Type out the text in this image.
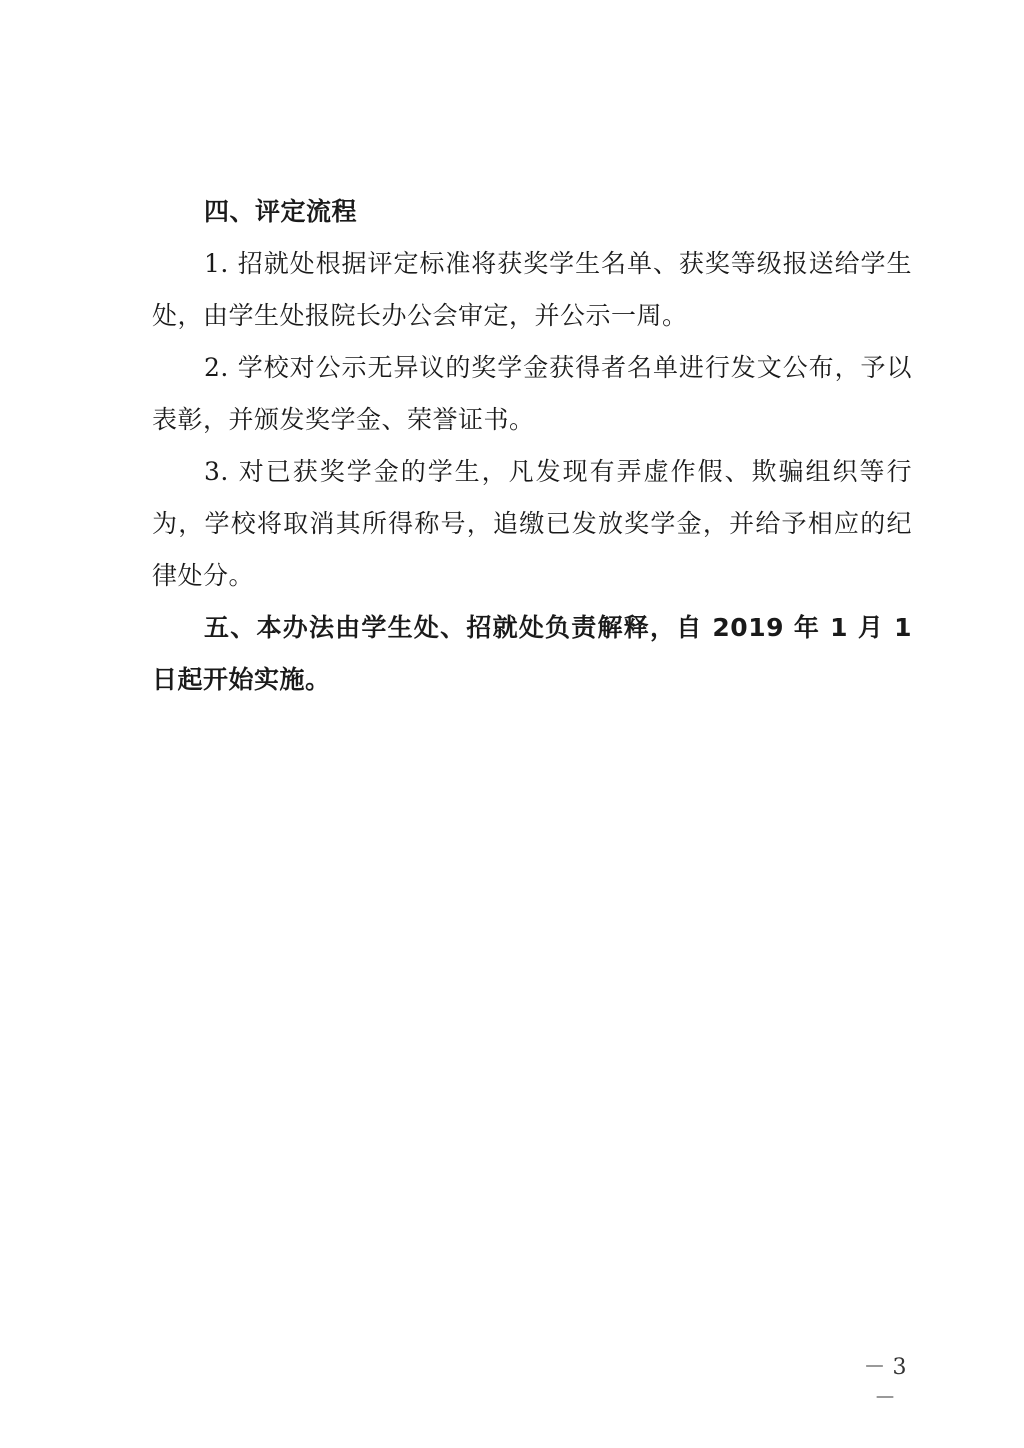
四、评定流程

1. 招就处根据评定标准将获奖学生名单、获奖等级报送给学生处，由学生处报院长办公会审定，并公示一周。

2. 学校对公示无异议的奖学金获得者名单进行发文公布，予以表彰，并颁发奖学金、荣誉证书。

3. 对已获奖学金的学生，凡发现有弄虚作假、欺骗组织等行为，学校将取消其所得称号，追缴已发放奖学金，并给予相应的纪律处分。

五、本办法由学生处、招就处负责解释，自 2019 年 1 月 1 日起开始实施。

－ 3 －
